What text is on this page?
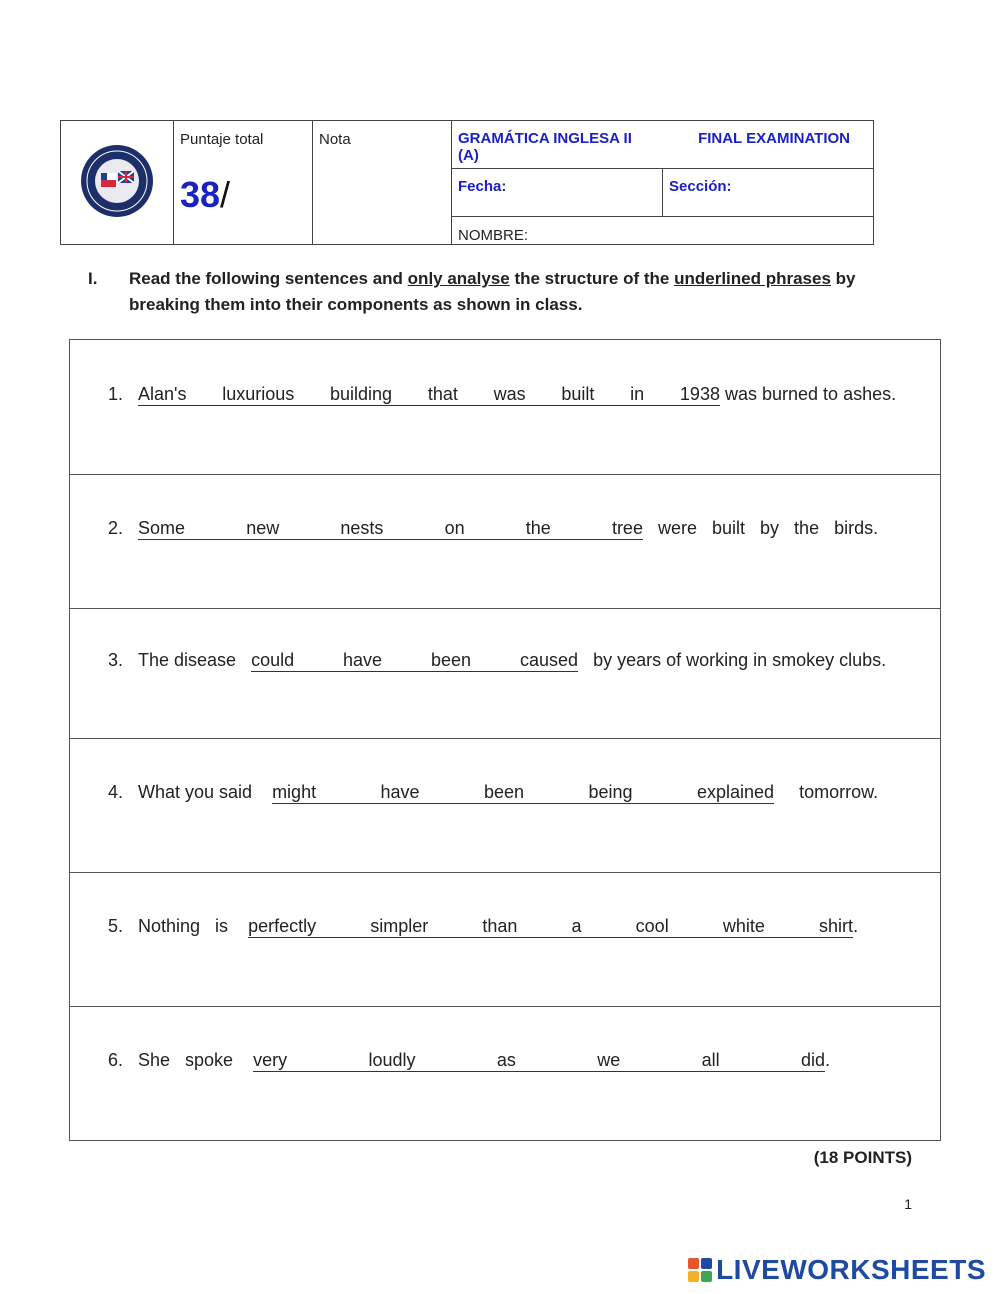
Puntaje total
38/	Nota	GRAMÁTICA INGLESA II FINAL EXAMINATION (A)	
			Fecha:	Sección:
			NOMBRE:	
I. Read the following sentences and only analyse the structure of the underlined phrases by breaking them into their components as shown in class.
1. Alan's luxurious building that was built in 1938 was burned to ashes.
2. Some	new	nests	on	the	tree were   built   by   the   birds.
3. The disease could	have	been	caused by years of working in smokey clubs.
4. What you said might	have	been	being	explained tomorrow.
5. Nothing   is perfectly	simpler	than	a	cool	white	shirt .
6. She   spoke very	loudly	as	we	all	did .
(18 POINTS)
1
LIVEWORKSHEETS
